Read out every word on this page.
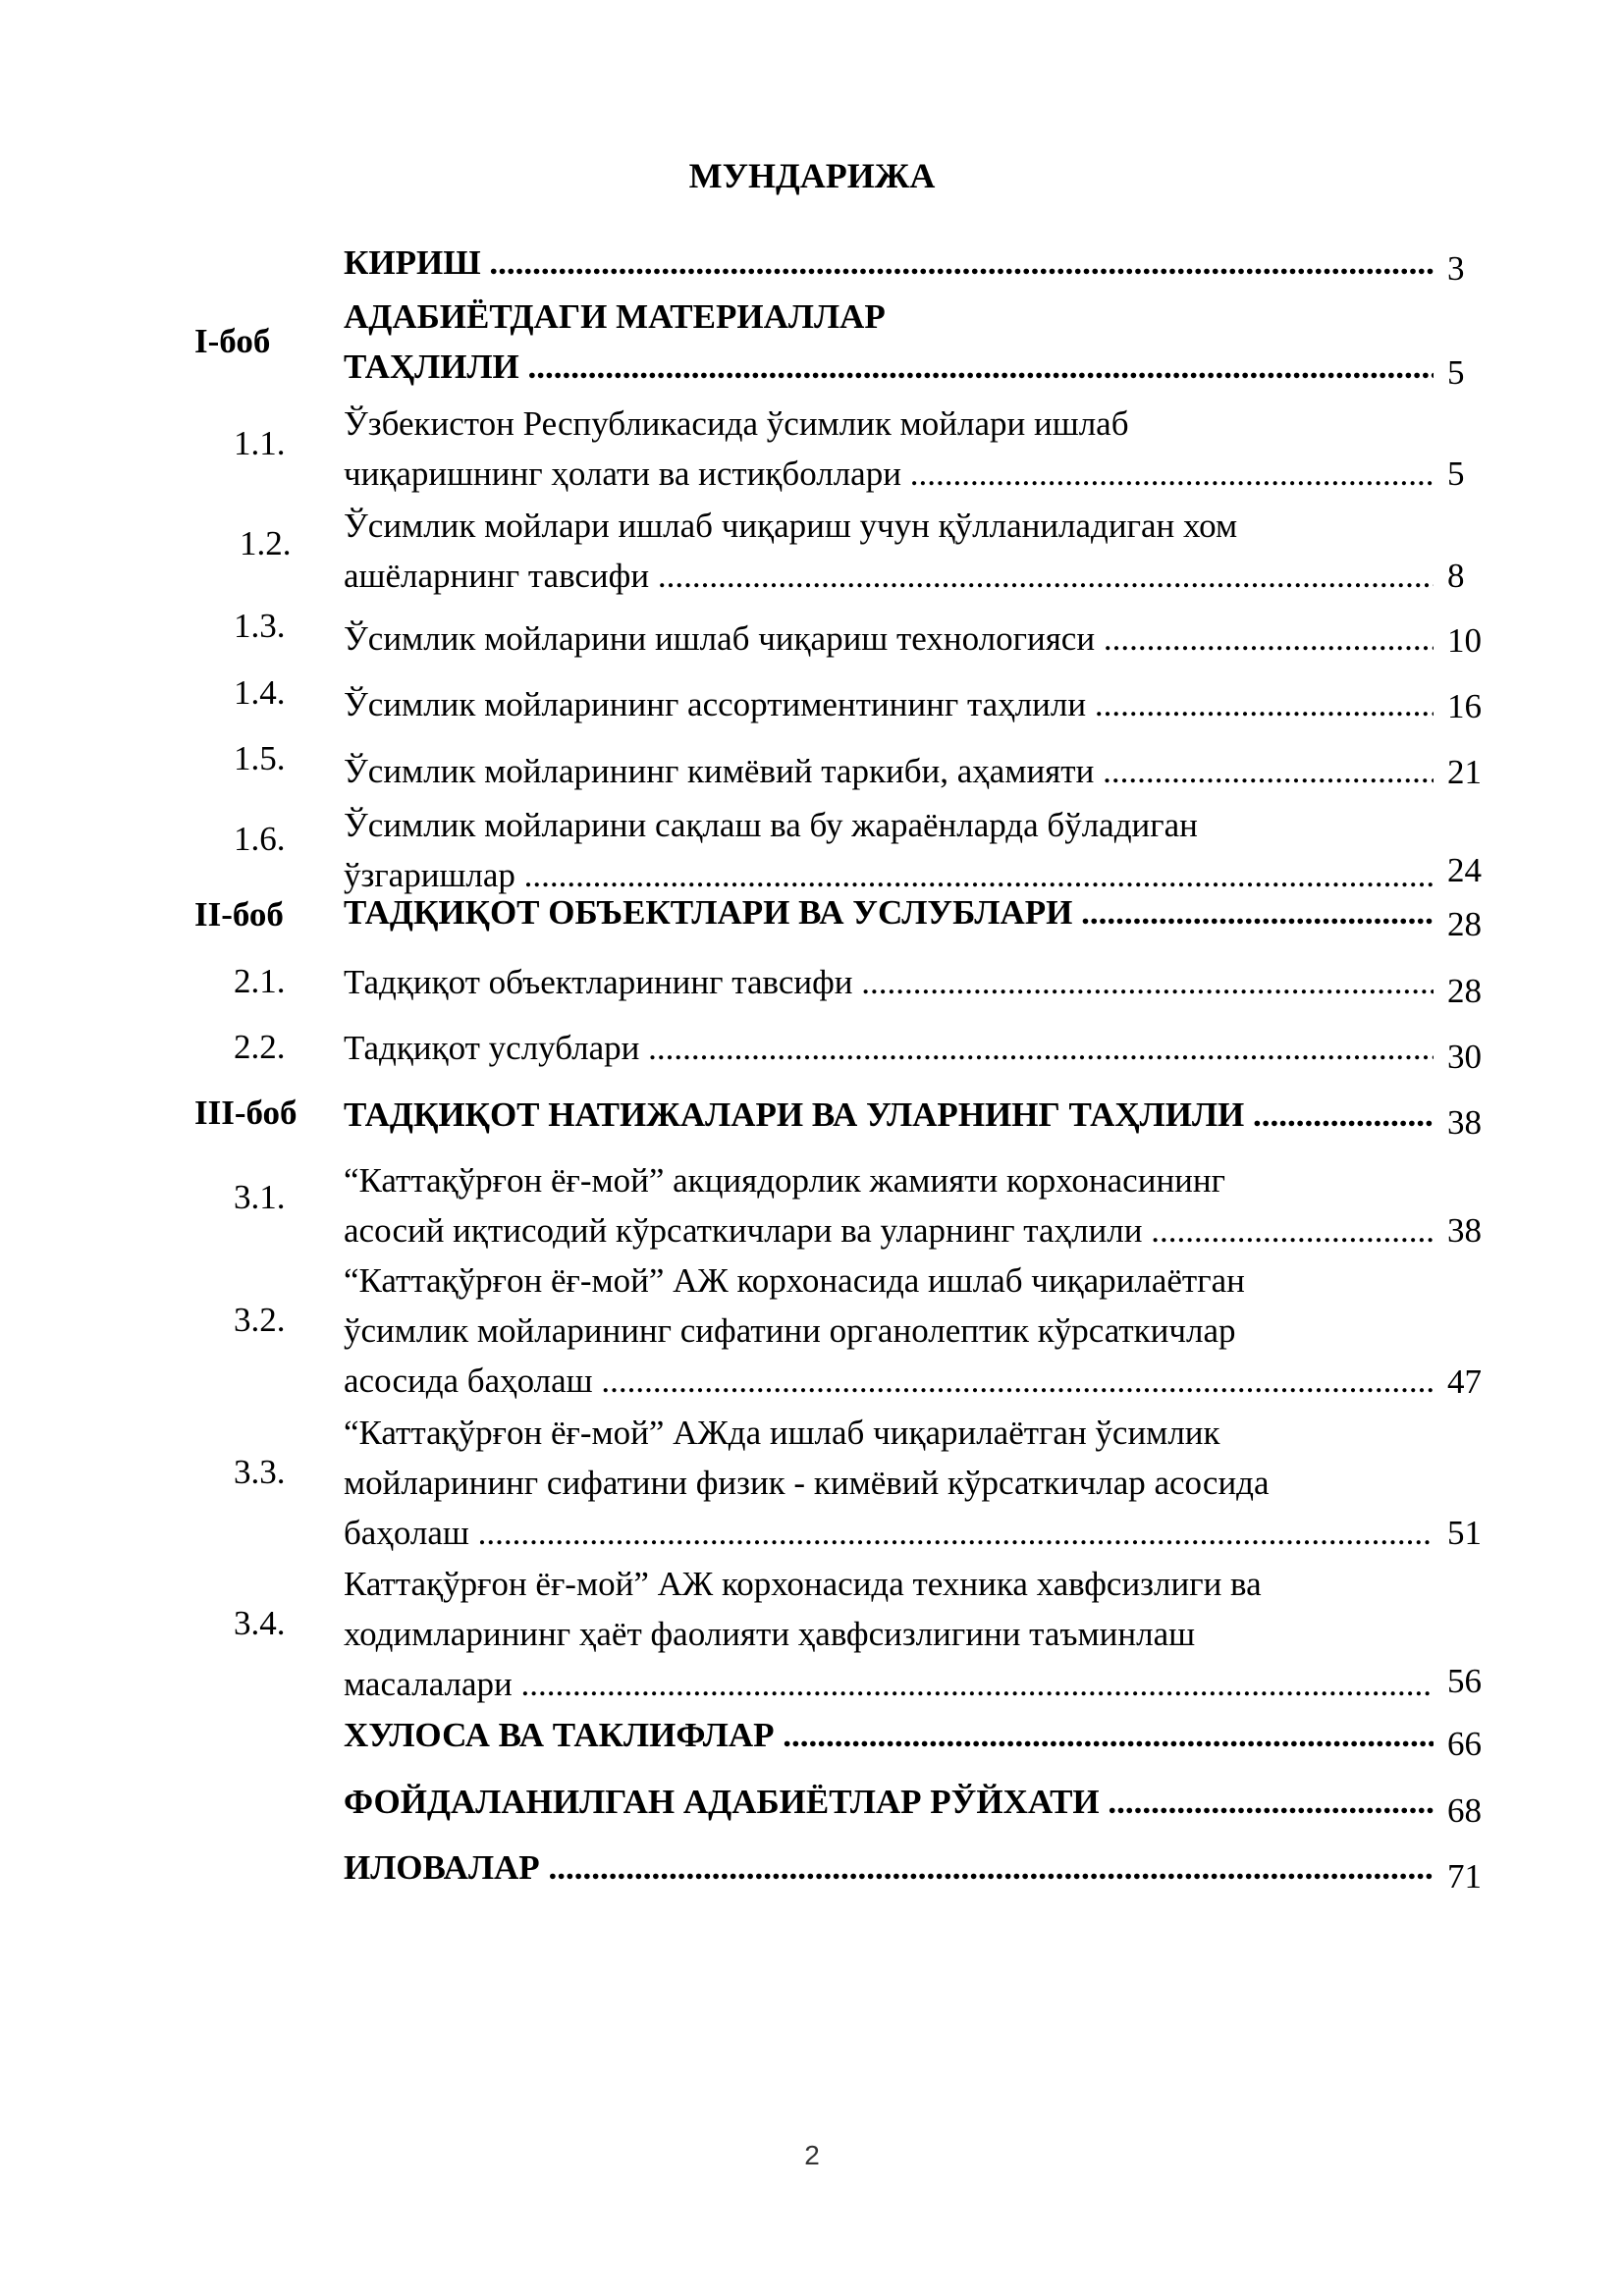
МУНДАРИЖА
КИРИШ .....	3
I-боб
АДАБИЁТДАГИ МАТЕРИАЛЛАР
ТАҲЛИЛИ .....	5
1.1.
Ўзбекистон Республикасида ўсимлик мойлари ишлаб
чиқаришнинг ҳолати ва истиқболлари .....	5
1.2. Ўсимлик мойлари ишлаб чиқариш учун қўлланиладиган хом
ашёларнинг тавсифи .....	8
1.3. Ўсимлик мойларини ишлаб чиқариш технологияси .....	10
1.4. Ўсимлик мойларининг ассортиментининг таҳлили .....	16
1.5. Ўсимлик мойларининг кимёвий таркиби, аҳамияти .....	21
1.6. Ўсимлик мойларини сақлаш ва бу жараёнларда бўладиган
ўзгаришлар .....	24
II-боб ТАДҚИҚОТ ОБЪЕКТЛАРИ ВА УСЛУБЛАРИ .....	28
2.1. Тадқиқот объектларининг тавсифи .....	28
2.2. Тадқиқот услублари .....	30
III-боб ТАДҚИҚОТ НАТИЖАЛАРИ ВА УЛАРНИНГ ТАҲЛИЛИ .....	38
3.1. “Каттақўрғон ёғ-мой” акциядорлик жамияти корхонасининг
асосий иқтисодий кўрсаткичлари ва уларнинг таҳлили .....	38
3.2.
“Каттақўрғон ёғ-мой” АЖ корхонасида ишлаб чиқарилаётган
ўсимлик мойларининг сифатини органолептик кўрсаткичлар
асосида баҳолаш .....	47
3.3.
“Каттақўрғон ёғ-мой” АЖда ишлаб чиқарилаётган ўсимлик
мойларининг сифатини физик - кимёвий кўрсаткичлар асосида
баҳолаш .....	51
3.4.
Каттақўрғон ёғ-мой” АЖ корхонасида техника хавфсизлиги ва
ходимларининг ҳаёт фаолияти ҳавфсизлигини таъминлаш
масалалари .....	56
ХУЛОСА ВА ТАКЛИФЛАР .....	66
ФОЙДАЛАНИЛГАН АДАБИЁТЛАР РЎЙХАТИ .....	68
ИЛОВАЛАР .....	71
2
